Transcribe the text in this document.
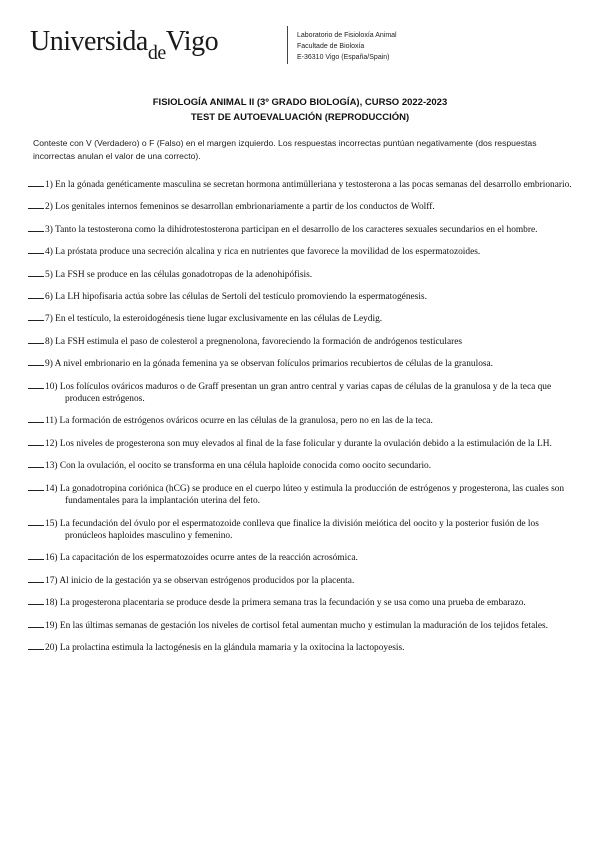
Universida$_{de}$Vigo	Laboratorio de Fisioloxía Animal
Facultade de Bioloxía
E-36310 Vigo (España/Spain)
FISIOLOGÍA ANIMAL II (3º GRADO BIOLOGÍA), CURSO 2022-2023
TEST DE AUTOEVALUACIÓN (REPRODUCCIÓN)
Conteste con V (Verdadero) o F (Falso) en el margen izquierdo. Los respuestas incorrectas puntúan negativamente (dos respuestas incorrectas anulan el valor de una correcto).

1) En la gónada genéticamente masculina se secretan hormona antimülleriana y testosterona a las pocas semanas del desarrollo embrionario.

2) Los genitales internos femeninos se desarrollan embrionariamente a partir de los conductos de Wolff.

3) Tanto la testosterona como la dihidrotestosterona participan en el desarrollo de los caracteres sexuales secundarios en el hombre.

4) La próstata produce una secreción alcalina y rica en nutrientes que favorece la movilidad de los espermatozoides.

5) La FSH se produce en las células gonadotropas de la adenohipófisis.

6) La LH hipofisaria actúa sobre las células de Sertoli del testículo promoviendo la espermatogénesis.

7) En el testículo, la esteroidogénesis tiene lugar exclusivamente en las células de Leydig.

8) La FSH estimula el paso de colesterol a pregnenolona, favoreciendo la formación de andrógenos testiculares

9) A nivel embrionario en la gónada femenina ya se observan folículos primarios recubiertos de células de la granulosa.

10) Los folículos ováricos maduros o de Graff presentan un gran antro central y varias capas de células de la granulosa y de la teca que producen estrógenos.

11) La formación de estrógenos ováricos ocurre en las células de la granulosa, pero no en las de la teca.

12) Los niveles de progesterona son muy elevados al final de la fase folicular y durante la ovulación debido a la estimulación de la LH.

13) Con la ovulación, el oocito se transforma en una célula haploide conocida como oocito secundario.

14) La gonadotropina coriónica (hCG) se produce en el cuerpo lúteo y estimula la producción de estrógenos y progesterona, las cuales son fundamentales para la implantación uterina del feto.

15) La fecundación del óvulo por el espermatozoide conlleva que finalice la división meiótica del oocito y la posterior fusión de los pronúcleos haploides masculino y femenino.

16) La capacitación de los espermatozoides ocurre antes de la reacción acrosómica.

17) Al inicio de la gestación ya se observan estrógenos producidos por la placenta.

18) La progesterona placentaria se produce desde la primera semana tras la fecundación y se usa como una prueba de embarazo.

19) En las últimas semanas de gestación los niveles de cortisol fetal aumentan mucho y estimulan la maduración de los tejidos fetales.

20) La prolactina estimula la lactogénesis en la glándula mamaria y la oxitocina la lactopoyesis.
